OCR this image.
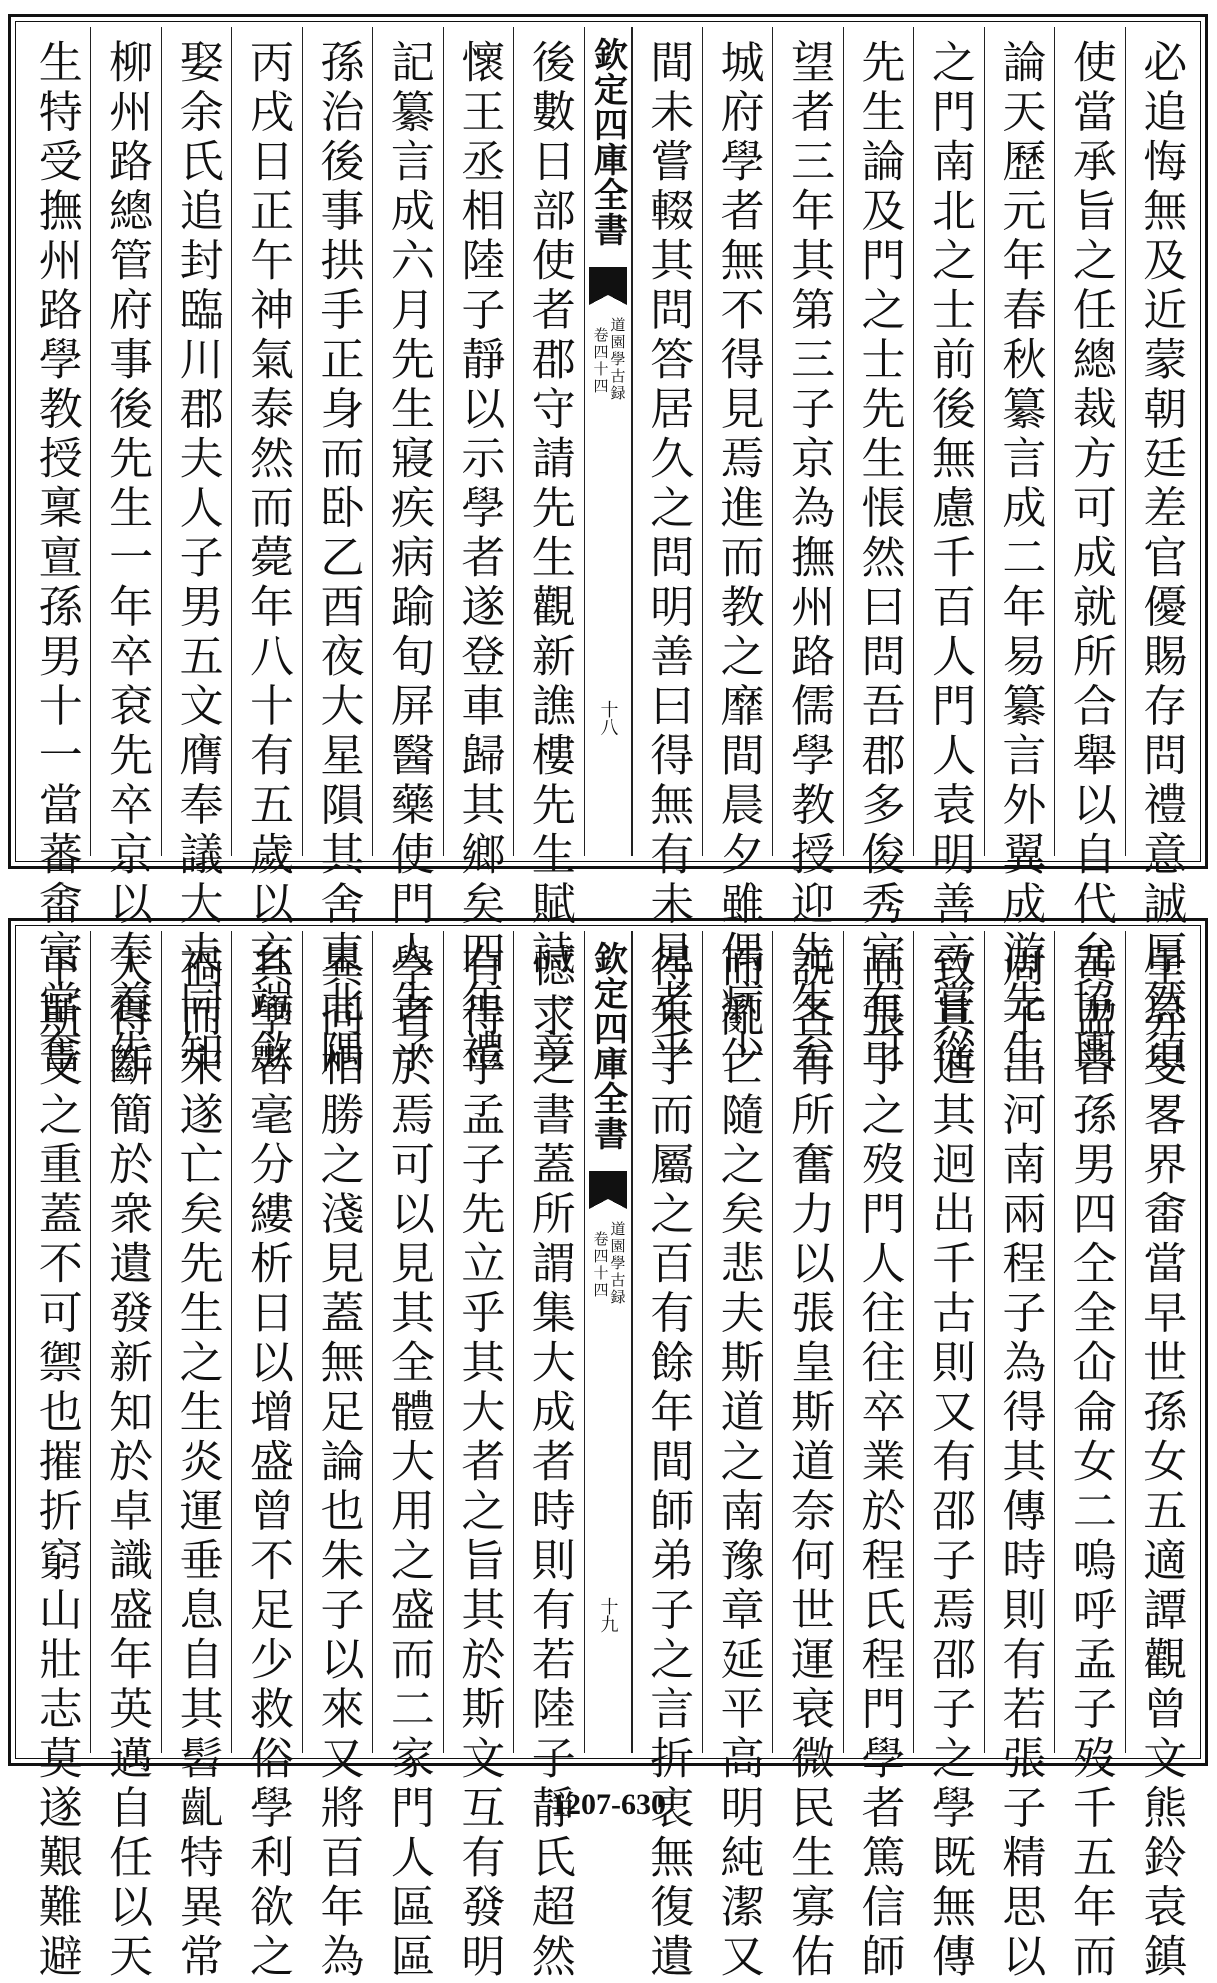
必追悔無及近蒙朝廷差官優賜存問禮意誠厚然須
使當承旨之任總裁方可成就所合舉以自代允協輿
論天歷元年春秋纂言成二年易纂言外翼成游先生
之門南北之士前後無慮千百人門人袁明善言嘗從
先生論及門之士先生悵然曰問吾郡多俊秀宜有可
望者三年其第三子京為撫州路儒學教授迎先生至
城府學者無不得見焉進而教之靡間晨夕雖偶病少
間未嘗輟其問答居久之問明善曰得無有未見者乎
欽定四庫全書
道園學古録
卷四十四
十八
後數日部使者郡守請先生觀新譙樓先生賦詩一章
懷王丞相陸子靜以示學者遂登車歸其鄉矣四年禮
記纂言成六月先生寢疾病踰旬屏醫藥使門人告子
孫治後事拱手正身而卧乙酉夜大星隕其舍東北隅
丙戌日正午神氣泰然而薨年八十有五歲以玄端歛
娶余氏追封臨川郡夫人子男五文膺奉議大夫同知
柳州路總管府事後先生一年卒袞先卒京以奉養先
生特受撫州路學教授稟亶孫男十一當蕃畬富當奮
里昇旻畧界畬當早世孫女五適譚觀曾文熊鈴袁鎮
黄盅曾孫男四仝全仚侖女二嗚呼孟子歿千五年而
周子出河南兩程子為得其傳時則有若張子精思以
致其道其迥出千古則又有邵子焉邵子之學既無傳
而張子之歿門人往往卒業於程氏程門學者篤信師
説各有所奮力以張皇斯道奈何世運衰微民生寡佑
而亂亡隨之矣悲夫斯道之南豫章延平高明純潔又
得朱子而屬之百有餘年間師弟子之言折衷無復遺
欽定四庫全書
道園學古録
卷四十四
十九
憾求之書蓋所謂集大成者時則有若陸子靜氏超然
有得乎孟子先立乎其大者之旨其於斯文互有發明
學者於焉可以見其全體大用之盛而二家門人區區
異同相勝之淺見蓋無足論也朱子以來又將百年為
其學者毫分縷析日以增盛曾不足少救俗學利欲之
禍而宋遂亡矣先生之生炎運垂息自其髫齓特異常
人得斷簡於衆遺發新知於卓識盛年英邁自任以天
下斯文之重蓋不可禦也摧折窮山壯志莫遂艱難避	1207-630
